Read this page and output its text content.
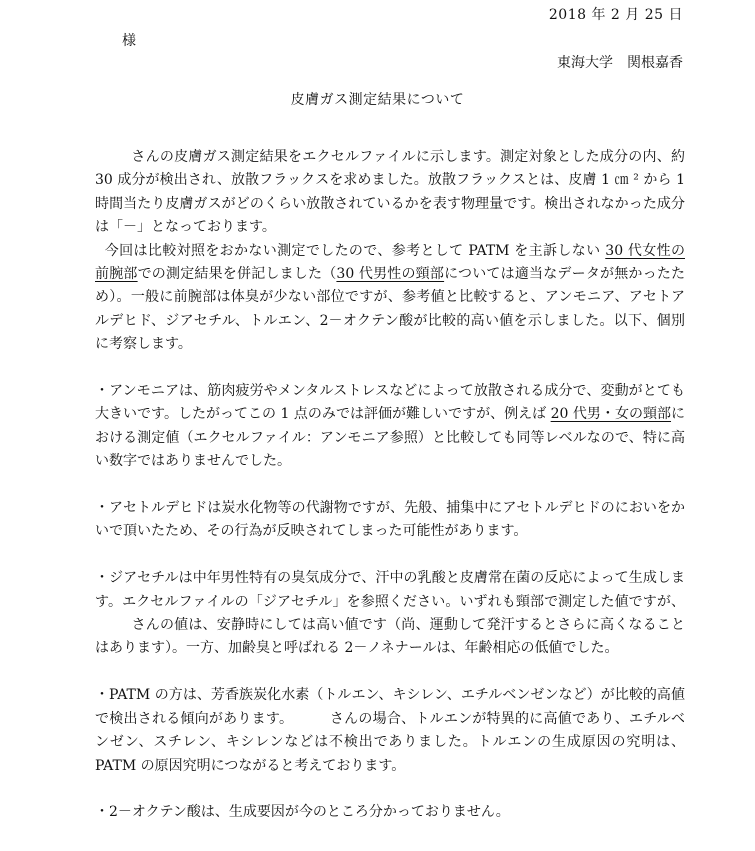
2018 年 2 月 25 日
様
東海大学　関根嘉香
皮膚ガス測定結果について

さんの皮膚ガス測定結果をエクセルファイルに示します。測定対象とした成分の内、約 30 成分が検出され、放散フラックスを求めました。放散フラックスとは、皮膚 1 ㎝ ² から 1 時間当たり皮膚ガスがどのくらい放散されているかを表す物理量です。検出されなかった成分は「－」となっております。

今回は比較対照をおかない測定でしたので、参考として PATM を主訴しない 30 代女性の前腕部での測定結果を併記しました（30 代男性の頸部については適当なデータが無かったため）。一般に前腕部は体臭が少ない部位ですが、参考値と比較すると、アンモニア、アセトアルデヒド、ジアセチル、トルエン、2－オクテン酸が比較的高い値を示しました。以下、個別に考察します。

・アンモニアは、筋肉疲労やメンタルストレスなどによって放散される成分で、変動がとても大きいです。したがってこの 1 点のみでは評価が難しいですが、例えば 20 代男・女の頸部における測定値（エクセルファイル：アンモニア参照）と比較しても同等レベルなので、特に高い数字ではありませんでした。

・アセトルデヒドは炭水化物等の代謝物ですが、先般、捕集中にアセトルデヒドのにおいをかいで頂いたため、その行為が反映されてしまった可能性があります。

・ジアセチルは中年男性特有の臭気成分で、汗中の乳酸と皮膚常在菌の反応によって生成します。エクセルファイルの「ジアセチル」を参照ください。いずれも頸部で測定した値ですが、さんの値は、安静時にしては高い値です（尚、運動して発汗するとさらに高くなることはあります）。一方、加齢臭と呼ばれる 2－ノネナールは、年齢相応の低値でした。

・PATM の方は、芳香族炭化水素（トルエン、キシレン、エチルベンゼンなど）が比較的高値で検出される傾向があります。	さんの場合、トルエンが特異的に高値であり、エチルベンゼン、スチレン、キシレンなどは不検出でありました。トルエンの生成原因の究明は、PATM の原因究明につながると考えております。

・2－オクテン酸は、生成要因が今のところ分かっておりません。
